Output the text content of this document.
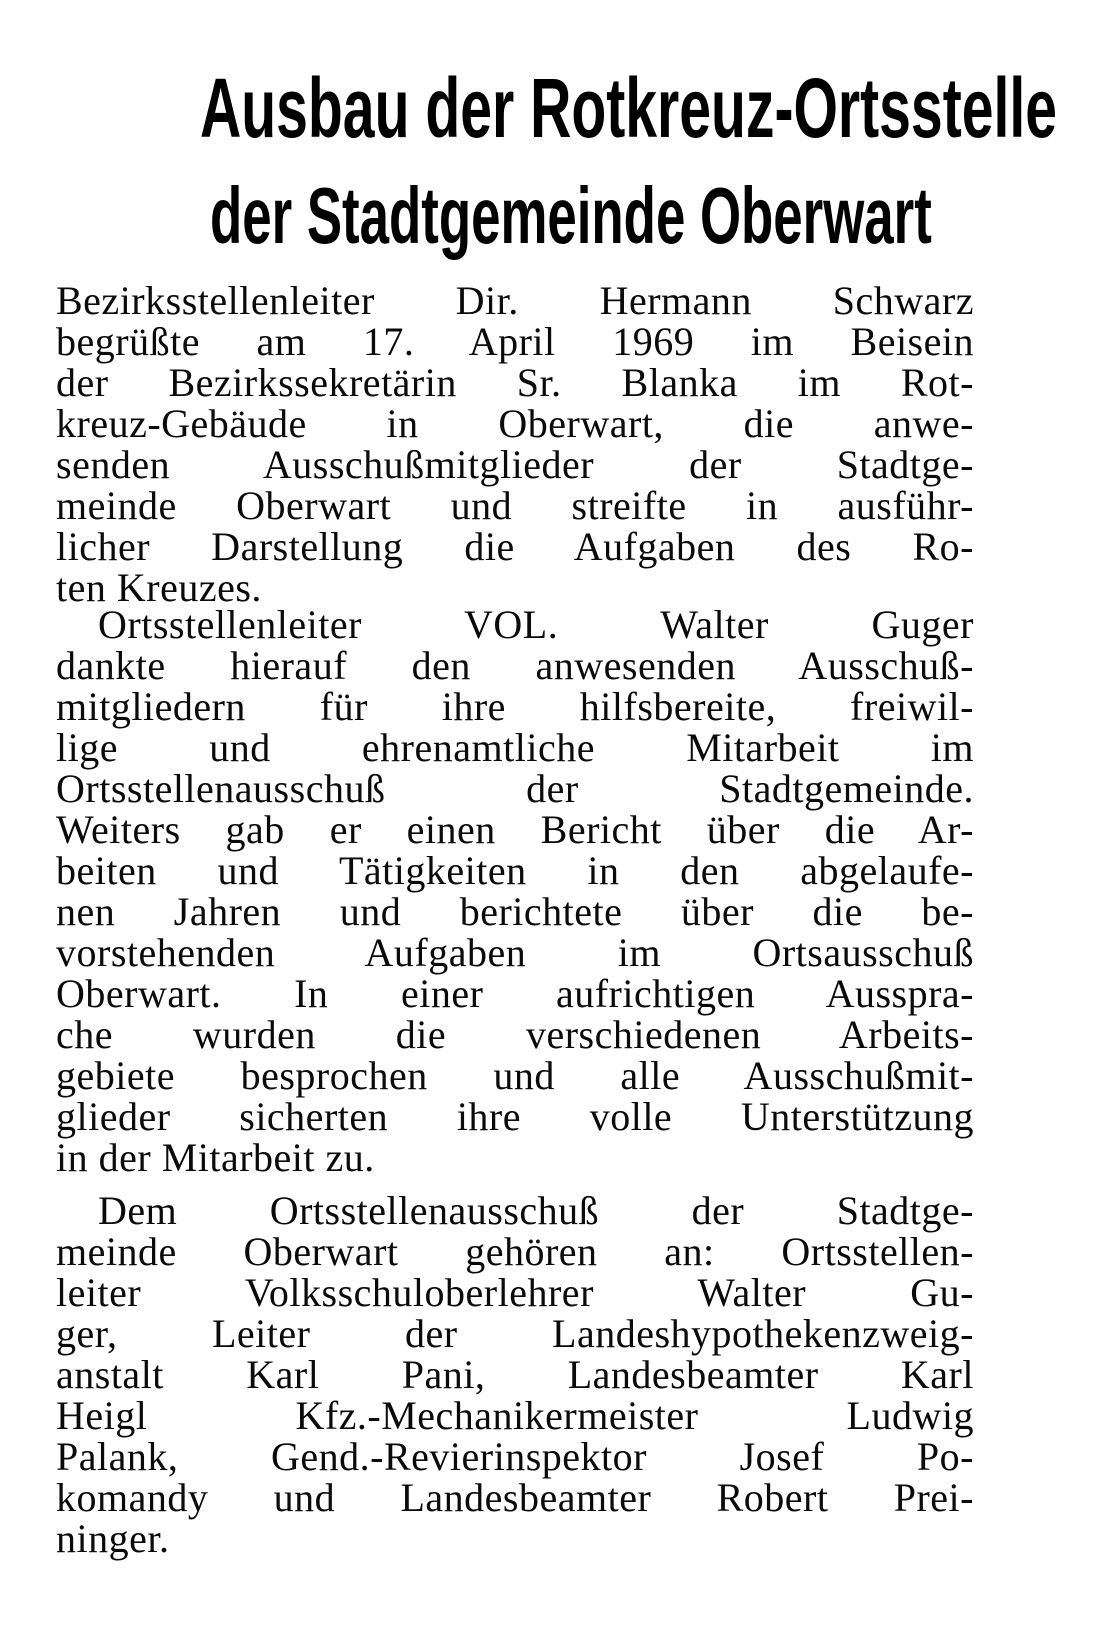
Ausbau der Rotkreuz-Ortsstelle
der Stadtgemeinde Oberwart
Bezirksstellenleiter Dir. Hermann Schwarz
begrüßte am 17. April 1969 im Beisein
der Bezirkssekretärin Sr. Blanka im Rot-
kreuz-Gebäude in Oberwart, die anwe-
senden Ausschußmitglieder der Stadtge-
meinde Oberwart und streifte in ausführ-
licher Darstellung die Aufgaben des Ro-
ten Kreuzes.
Ortsstellenleiter VOL. Walter Guger
dankte hierauf den anwesenden Ausschuß-
mitgliedern für ihre hilfsbereite, freiwil-
lige und ehrenamtliche Mitarbeit im
Ortsstellenausschuß der Stadtgemeinde.
Weiters gab er einen Bericht über die Ar-
beiten und Tätigkeiten in den abgelaufe-
nen Jahren und berichtete über die be-
vorstehenden Aufgaben im Ortsausschuß
Oberwart. In einer aufrichtigen Ausspra-
che wurden die verschiedenen Arbeits-
gebiete besprochen und alle Ausschußmit-
glieder sicherten ihre volle Unterstützung
in der Mitarbeit zu.
Dem Ortsstellenausschuß der Stadtge-
meinde Oberwart gehören an: Ortsstellen-
leiter Volksschuloberlehrer Walter Gu-
ger, Leiter der Landeshypothekenzweig-
anstalt Karl Pani, Landesbeamter Karl
Heigl Kfz.-Mechanikermeister Ludwig
Palank, Gend.-Revierinspektor Josef Po-
komandy und Landesbeamter Robert Prei-
ninger.
